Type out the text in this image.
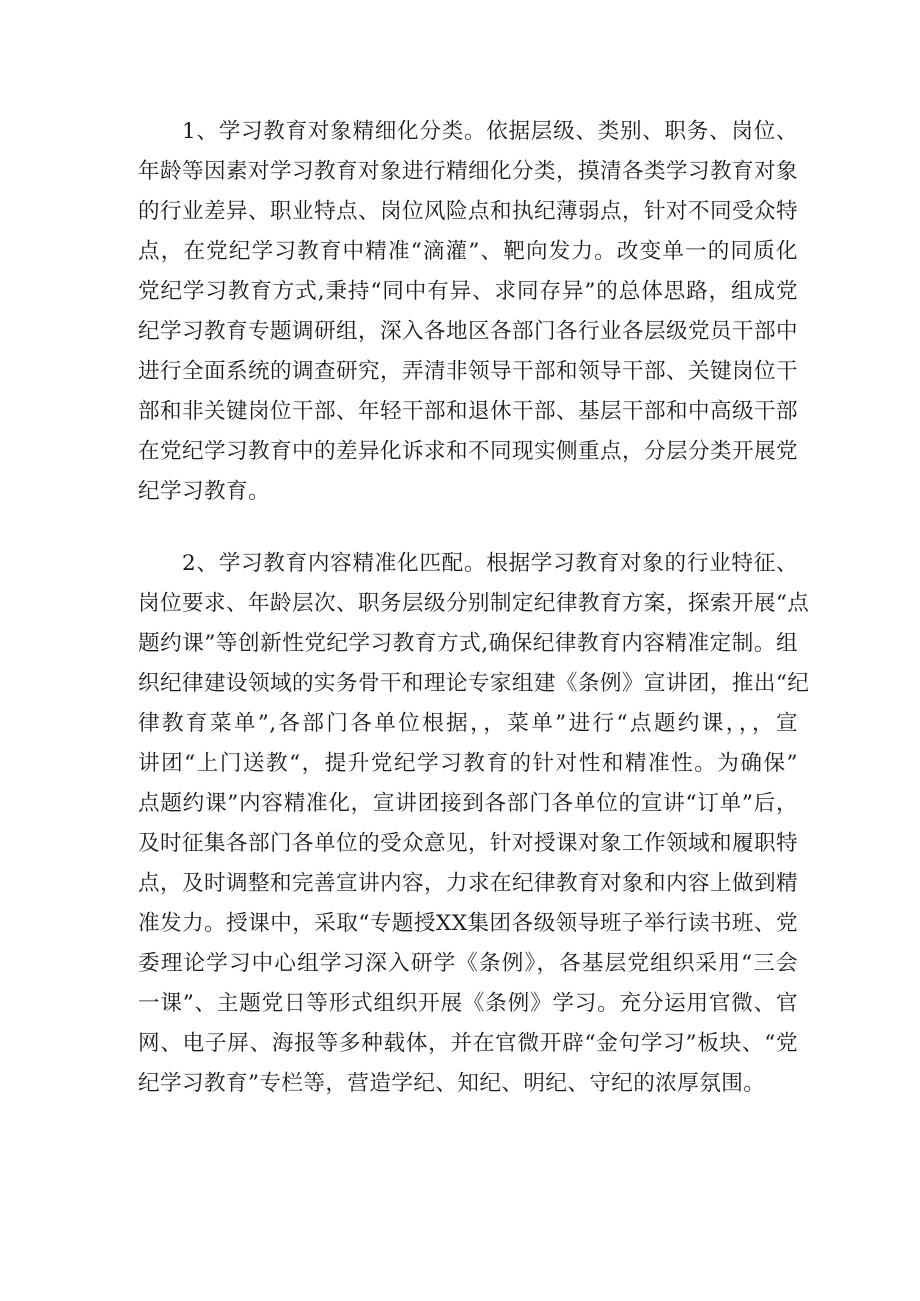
1、学习教育对象精细化分类。依据层级、类别、职务、岗位、
年龄等因素对学习教育对象进行精细化分类，摸清各类学习教育对象
的行业差异、职业特点、岗位风险点和执纪薄弱点，针对不同受众特
点，在党纪学习教育中精准“滴灌”、靶向发力。改变单一的同质化
党纪学习教育方式,秉持“同中有异、求同存异”的总体思路，组成党
纪学习教育专题调研组，深入各地区各部门各行业各层级党员干部中
进行全面系统的调查研究，弄清非领导干部和领导干部、关键岗位干
部和非关键岗位干部、年轻干部和退休干部、基层干部和中高级干部
在党纪学习教育中的差异化诉求和不同现实侧重点，分层分类开展党
纪学习教育。
2、学习教育内容精准化匹配。根据学习教育对象的行业特征、
岗位要求、年龄层次、职务层级分别制定纪律教育方案，探索开展“点
题约课”等创新性党纪学习教育方式,确保纪律教育内容精准定制。组
织纪律建设领域的实务骨干和理论专家组建《条例》宣讲团，推出“纪
律教育菜单”,各部门各单位根据，，菜单”进行“点题约课，，，宣
讲团“上门送教“，提升党纪学习教育的针对性和精准性。为确保”
点题约课”内容精准化，宣讲团接到各部门各单位的宣讲“订单”后，
及时征集各部门各单位的受众意见，针对授课对象工作领域和履职特
点，及时调整和完善宣讲内容，力求在纪律教育对象和内容上做到精
准发力。授课中，采取“专题授XX集团各级领导班子举行读书班、党
委理论学习中心组学习深入研学《条例》，各基层党组织采用“三会
一课”、主题党日等形式组织开展《条例》学习。充分运用官微、官
网、电子屏、海报等多种载体，并在官微开辟“金句学习”板块、“党
纪学习教育”专栏等，营造学纪、知纪、明纪、守纪的浓厚氛围。
